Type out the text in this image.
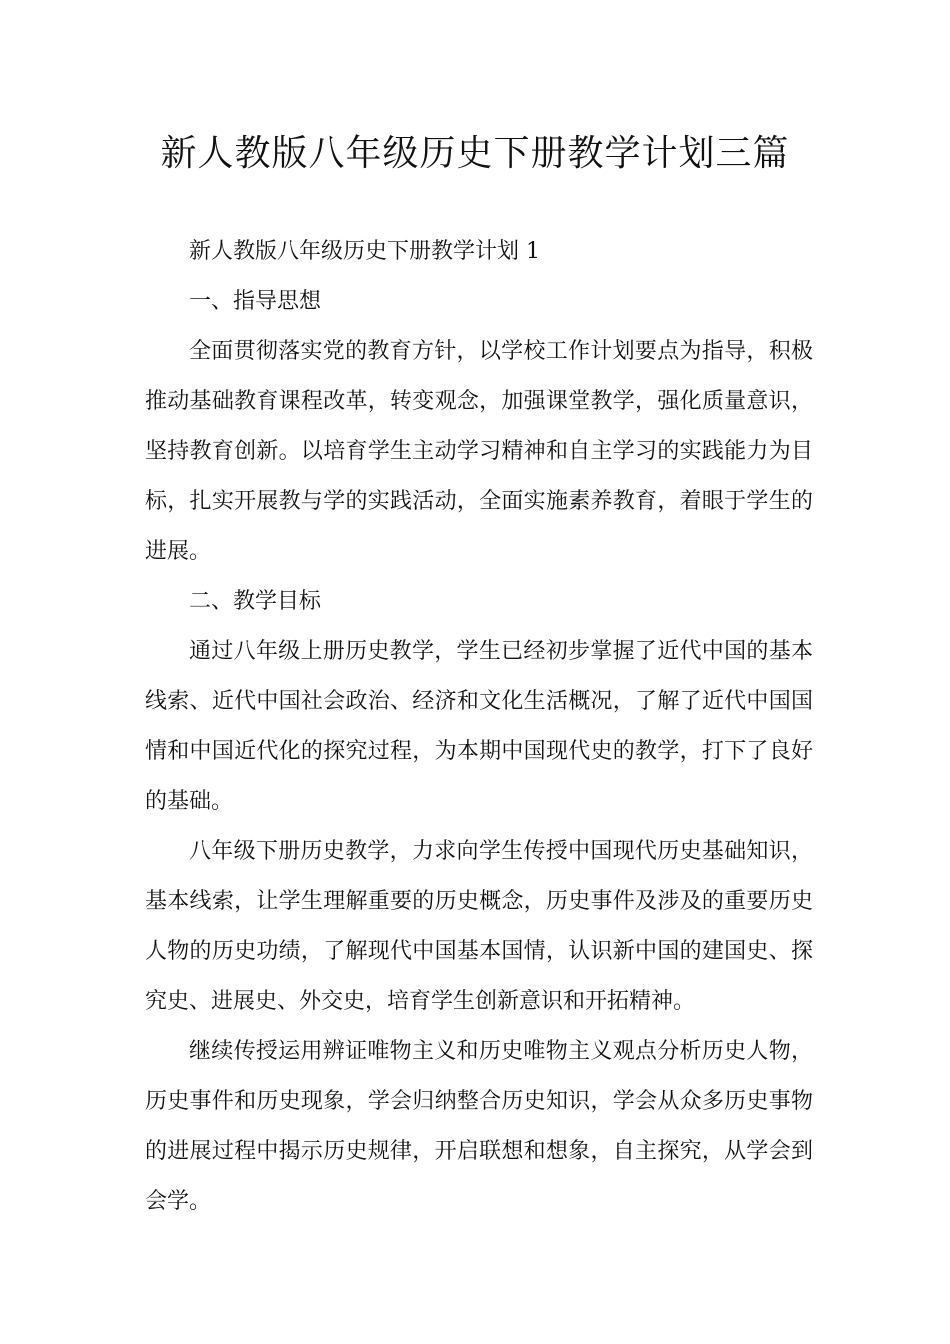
新人教版八年级历史下册教学计划三篇

新人教版八年级历史下册教学计划 1

一、指导思想

全面贯彻落实党的教育方针，以学校工作计划要点为指导，积极推动基础教育课程改革，转变观念，加强课堂教学，强化质量意识，坚持教育创新。以培育学生主动学习精神和自主学习的实践能力为目标，扎实开展教与学的实践活动，全面实施素养教育，着眼于学生的进展。

二、教学目标

通过八年级上册历史教学，学生已经初步掌握了近代中国的基本线索、近代中国社会政治、经济和文化生活概况，了解了近代中国国情和中国近代化的探究过程，为本期中国现代史的教学，打下了良好的基础。

八年级下册历史教学，力求向学生传授中国现代历史基础知识，基本线索，让学生理解重要的历史概念，历史事件及涉及的重要历史人物的历史功绩，了解现代中国基本国情，认识新中国的建国史、探究史、进展史、外交史，培育学生创新意识和开拓精神。

继续传授运用辨证唯物主义和历史唯物主义观点分析历史人物，历史事件和历史现象，学会归纳整合历史知识，学会从众多历史事物的进展过程中揭示历史规律，开启联想和想象，自主探究，从学会到会学。
